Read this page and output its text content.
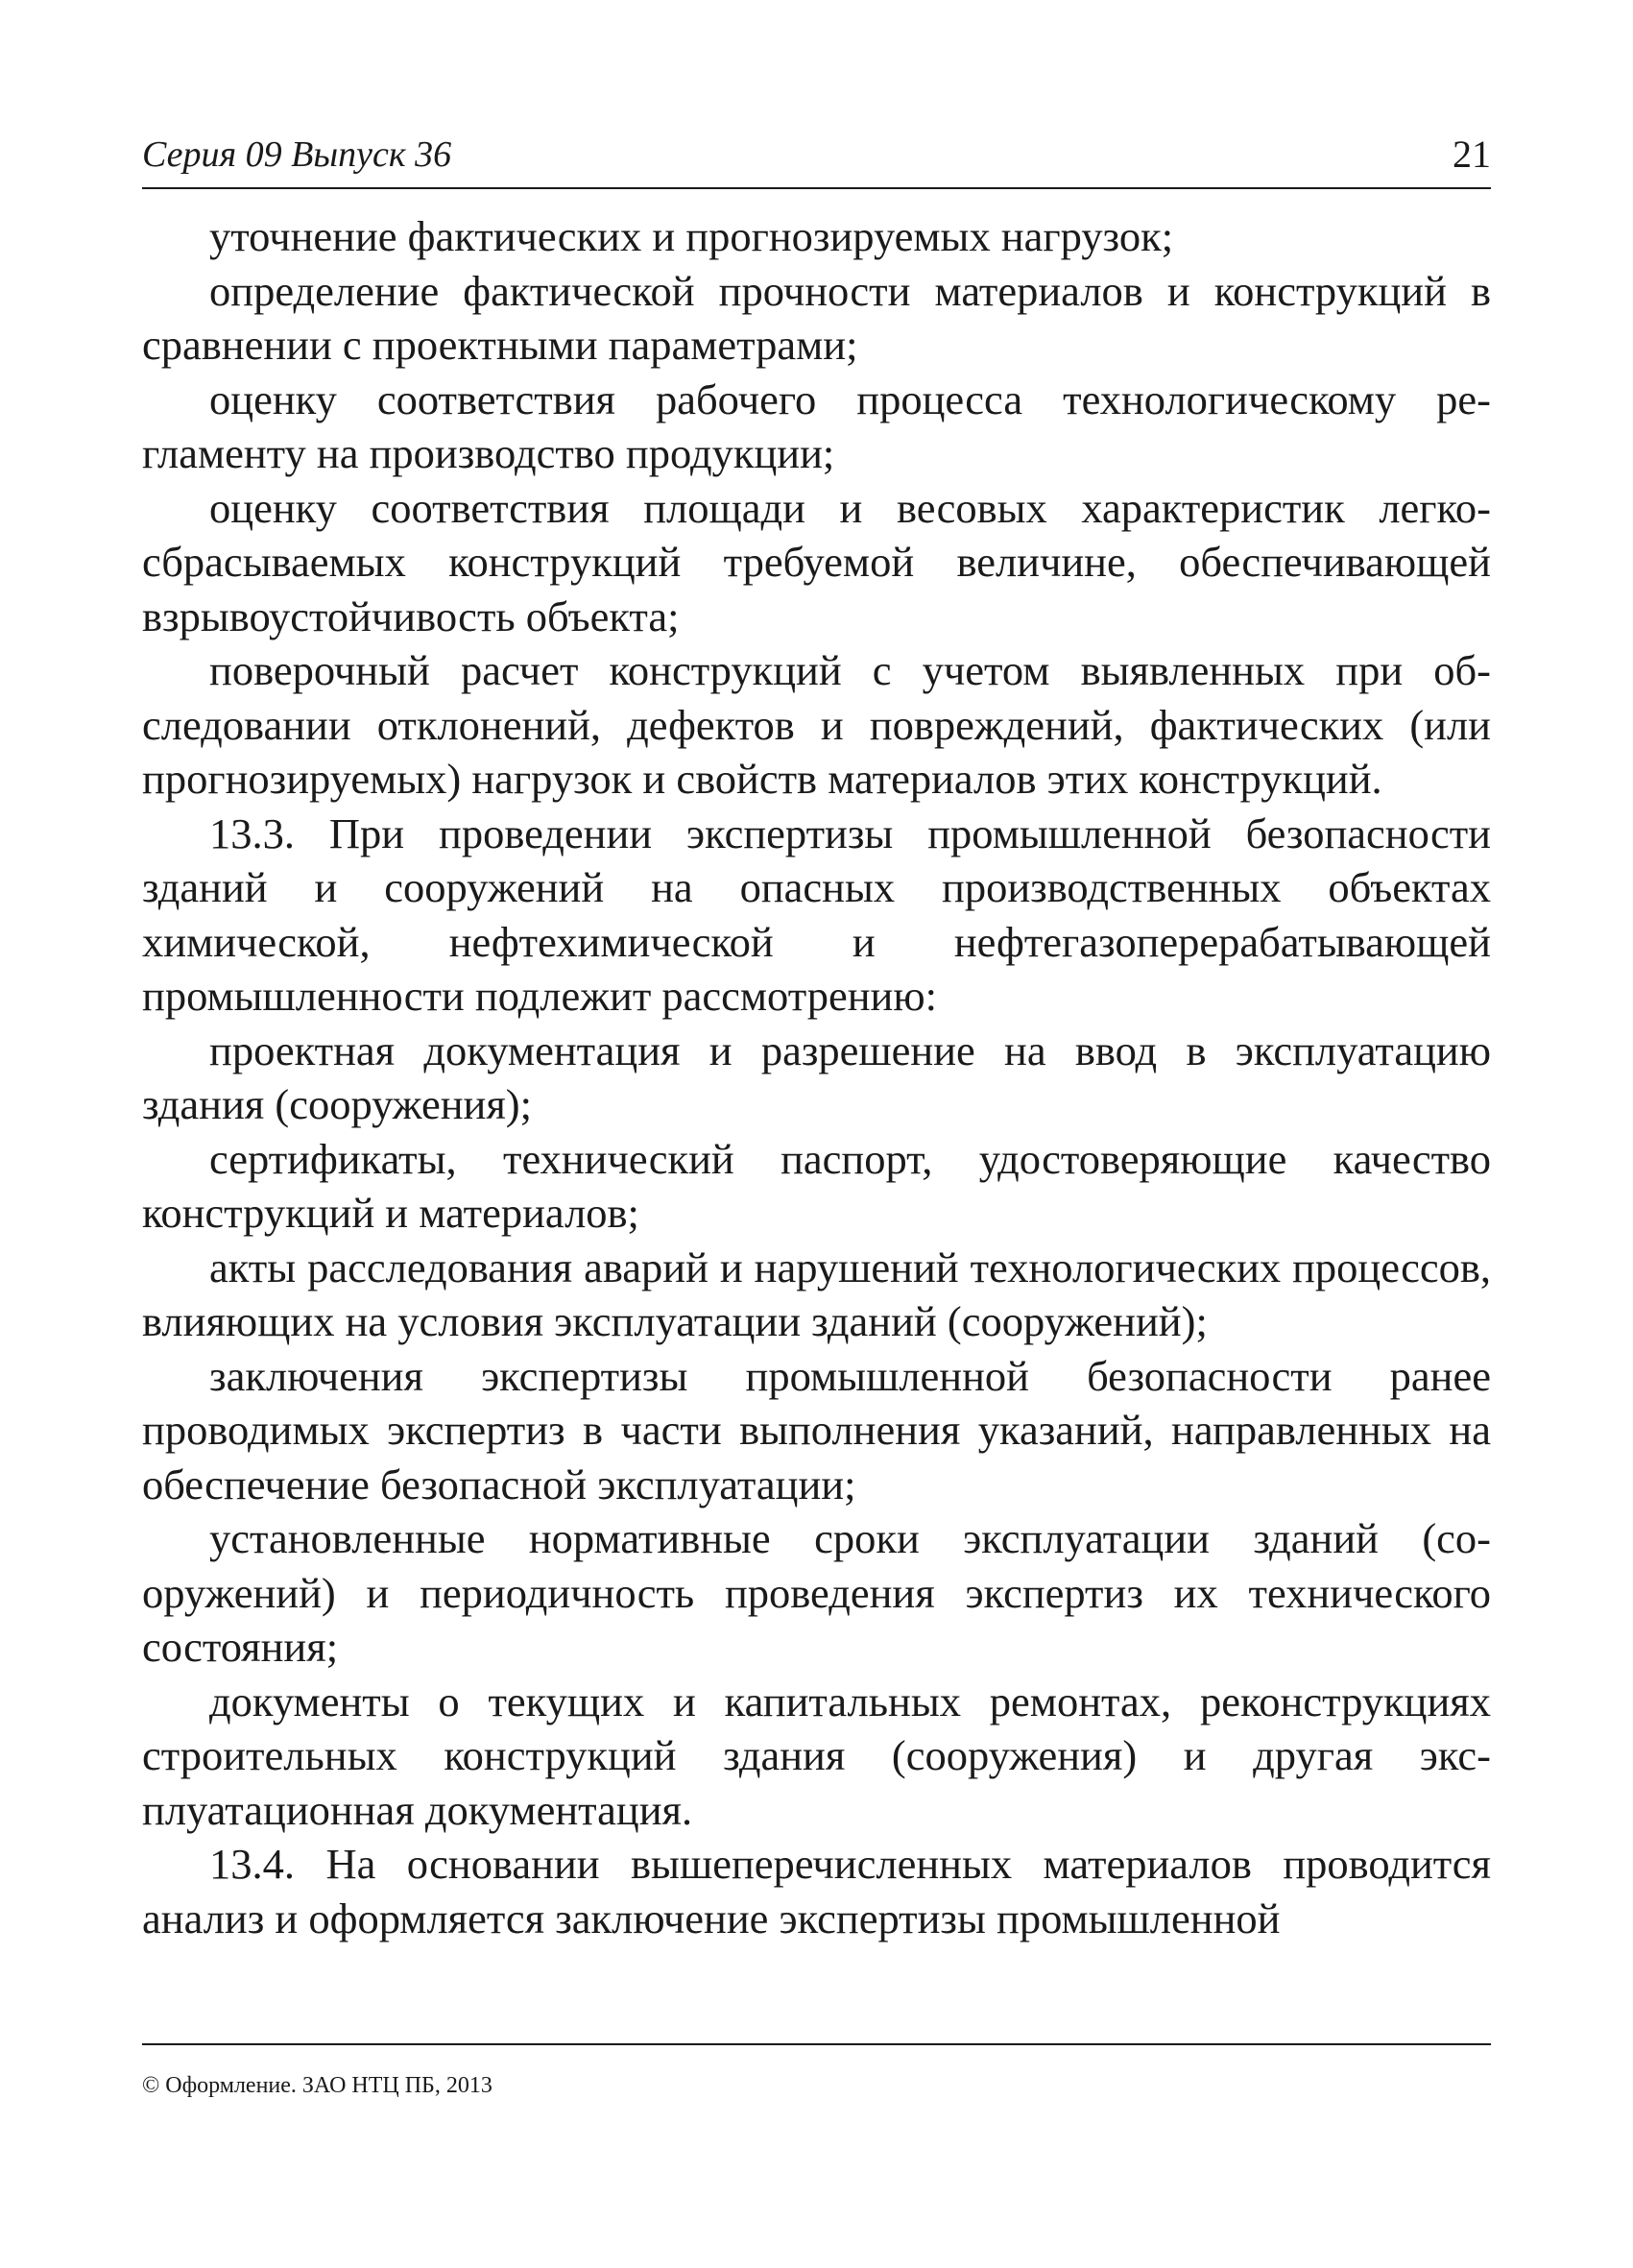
Серия 09 Выпуск 36	21

уточнение фактических и прогнозируемых нагрузок;

определение фактической прочности материалов и конструкций в сравнении с проектными параметрами;

оценку соответствия рабочего процесса технологическому регламенту на производство продукции;

оценку соответствия площади и весовых характеристик легкосбрасываемых конструкций требуемой величине, обеспечивающей взрывоустойчивость объекта;

поверочный расчет конструкций с учетом выявленных при обследовании отклонений, дефектов и повреждений, фактических (или прогнозируемых) нагрузок и свойств материалов этих конструкций.

13.3. При проведении экспертизы промышленной безопасности зданий и сооружений на опасных производственных объектах химической, нефтехимической и нефтегазоперерабатывающей промышленности подлежит рассмотрению:

проектная документация и разрешение на ввод в эксплуатацию здания (сооружения);

сертификаты, технический паспорт, удостоверяющие качество конструкций и материалов;

акты расследования аварий и нарушений технологических процессов, влияющих на условия эксплуатации зданий (сооружений);

заключения экспертизы промышленной безопасности ранее проводимых экспертиз в части выполнения указаний, направленных на обеспечение безопасной эксплуатации;

установленные нормативные сроки эксплуатации зданий (сооружений) и периодичность проведения экспертиз их технического состояния;

документы о текущих и капитальных ремонтах, реконструкциях строительных конструкций здания (сооружения) и другая эксплуатационная документация.

13.4. На основании вышеперечисленных материалов проводится анализ и оформляется заключение экспертизы промышленной

© Оформление. ЗАО НТЦ ПБ, 2013
